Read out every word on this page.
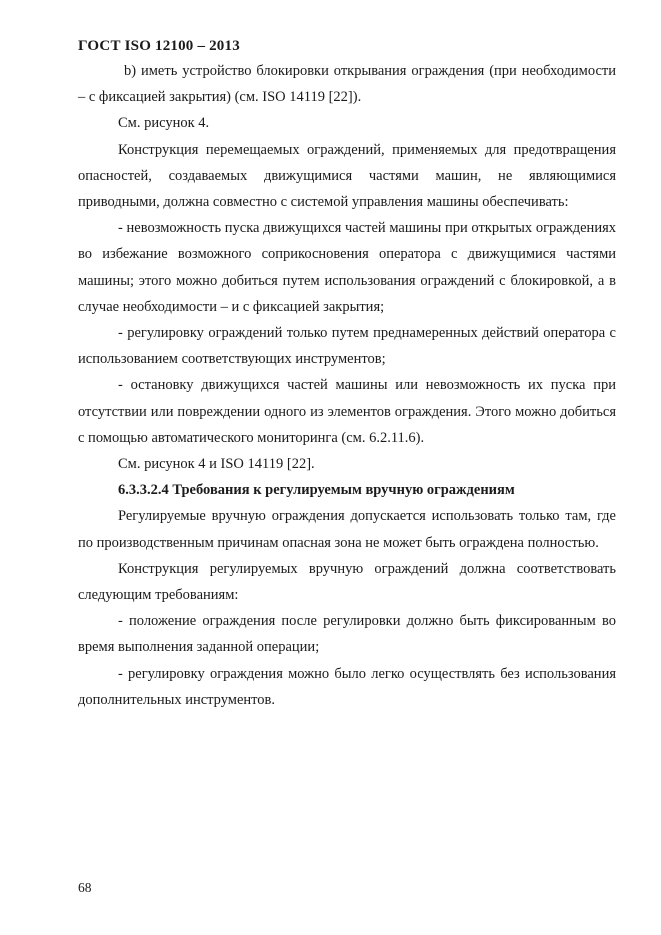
ГОСТ ISO 12100 – 2013

b) иметь устройство блокировки открывания ограждения (при необходимости – с фиксацией закрытия) (см. ISO 14119 [22]).

См. рисунок 4.

Конструкция перемещаемых ограждений, применяемых для предотвращения опасностей, создаваемых движущимися частями машин, не являющимися приводными, должна совместно с системой управления машины обеспечивать:

- невозможность пуска движущихся частей машины при открытых ограждениях во избежание возможного соприкосновения оператора с движущимися частями машины; этого можно добиться путем использования ограждений с блокировкой, а в случае необходимости – и с фиксацией закрытия;

- регулировку ограждений только путем преднамеренных действий оператора с использованием соответствующих инструментов;

- остановку движущихся частей машины или невозможность их пуска при отсутствии или повреждении одного из элементов ограждения. Этого можно добиться с помощью автоматического мониторинга (см. 6.2.11.6).

См. рисунок 4 и ISO 14119 [22].

6.3.3.2.4 Требования к регулируемым вручную ограждениям

Регулируемые вручную ограждения допускается использовать только там, где по производственным причинам опасная зона не может быть ограждена полностью.

Конструкция регулируемых вручную ограждений должна соответствовать следующим требованиям:

- положение ограждения после регулировки должно быть фиксированным во время выполнения заданной операции;

- регулировку ограждения можно было легко осуществлять без использования дополнительных инструментов.

68
